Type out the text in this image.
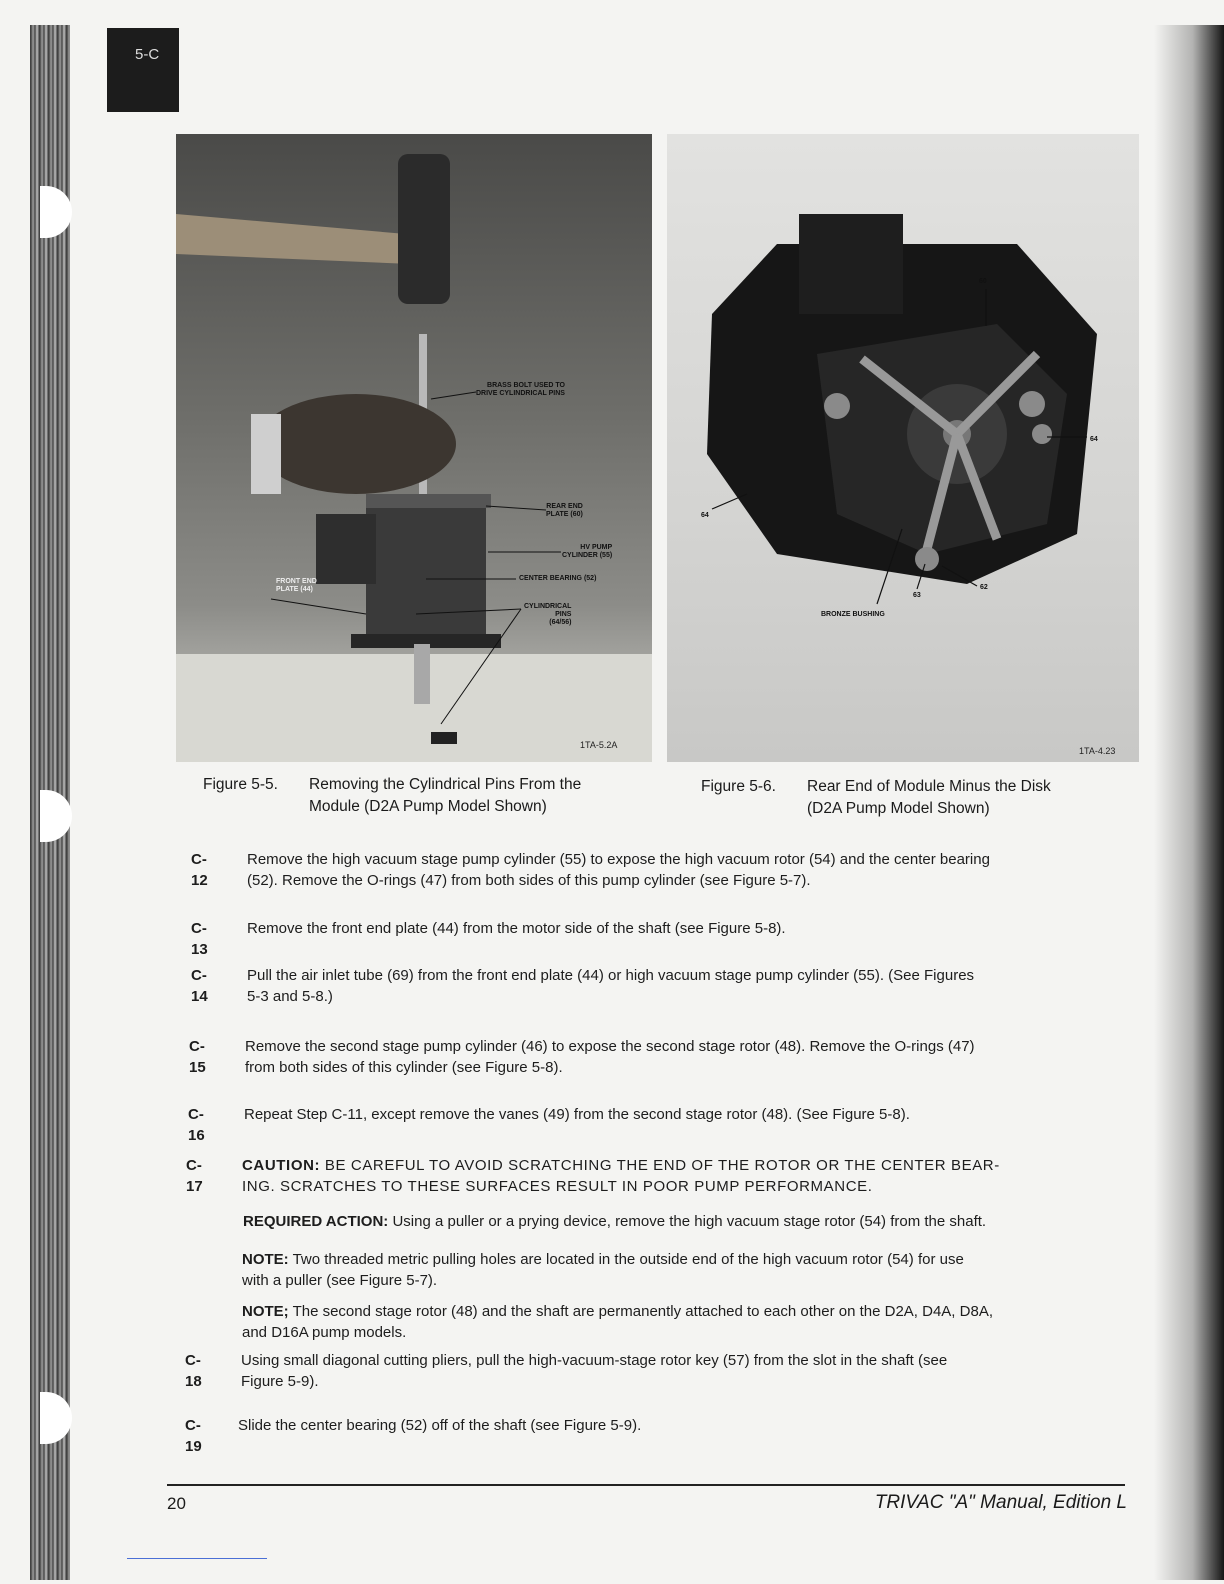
5-C
BRASS BOLT USED TO
DRIVE CYLINDRICAL PINS
REAR END
PLATE (60)
HV PUMP
CYLINDER (55)
CENTER BEARING (52)
FRONT END
PLATE (44)
CYLINDRICAL
PINS
(64/56)
1TA-5.2A
60
64
64
63
62
BRONZE BUSHING
1TA-4.23
Figure 5-5. Removing the Cylindrical Pins From the
Module (D2A Pump Model Shown)
Figure 5-6. Rear End of Module Minus the Disk
(D2A Pump Model Shown)
C-12
Remove the high vacuum stage pump cylinder (55) to expose the high vacuum rotor (54) and the center bearing
(52). Remove the O-rings (47) from both sides of this pump cylinder (see Figure 5-7).
C-13
Remove the front end plate (44) from the motor side of the shaft (see Figure 5-8).
C-14
Pull the air inlet tube (69) from the front end plate (44) or high vacuum stage pump cylinder (55). (See Figures
5-3 and 5-8.)
C-15
Remove the second stage pump cylinder (46) to expose the second stage rotor (48). Remove the O-rings (47)
from both sides of this cylinder (see Figure 5-8).
C-16
Repeat Step C-11, except remove the vanes (49) from the second stage rotor (48). (See Figure 5-8).
C-17
CAUTION: BE CAREFUL TO AVOID SCRATCHING THE END OF THE ROTOR OR THE CENTER BEAR-
ING. SCRATCHES TO THESE SURFACES RESULT IN POOR PUMP PERFORMANCE.
REQUIRED ACTION: Using a puller or a prying device, remove the high vacuum stage rotor (54) from the shaft.
NOTE: Two threaded metric pulling holes are located in the outside end of the high vacuum rotor (54) for use
with a puller (see Figure 5-7).
NOTE; The second stage rotor (48) and the shaft are permanently attached to each other on the D2A, D4A, D8A,
and D16A pump models.
C-18
Using small diagonal cutting pliers, pull the high-vacuum-stage rotor key (57) from the slot in the shaft (see
Figure 5-9).
C-19
Slide the center bearing (52) off of the shaft (see Figure 5-9).
20	TRIVAC "A" Manual, Edition L
